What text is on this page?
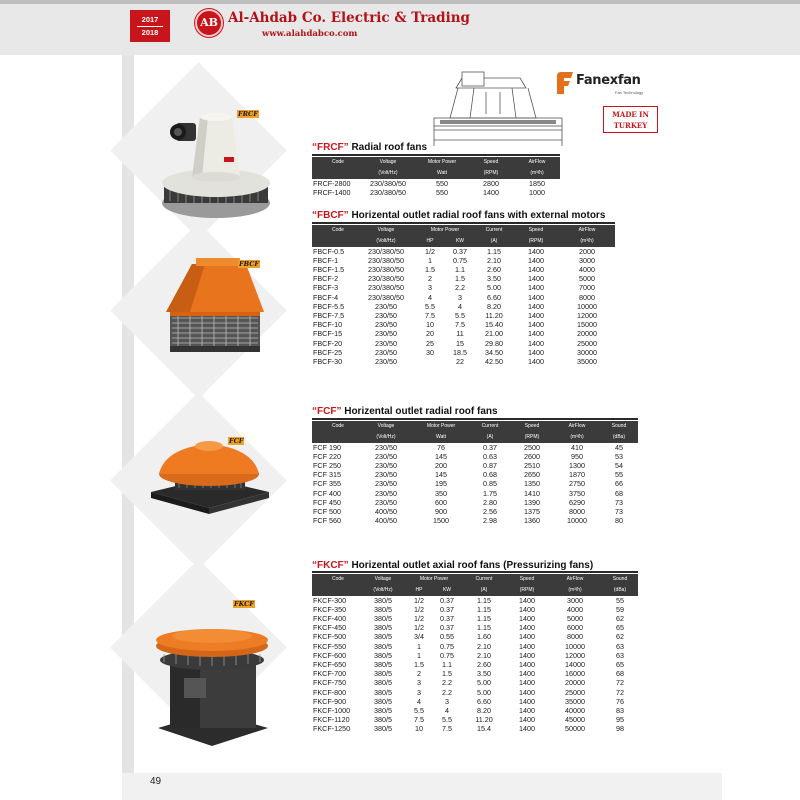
2017
2018
AB Al-Ahdab Co. Electric & Trading
www.alahdabco.com
FRCF
FBCF
FCF
FKCF
49
Fanexfan
Fan Technology
MADE IN
TURKEY
“FRCF” Radial roof fans
Code	Voltage	Motor Power	Speed	AirFlow
	(Volt/Hz)	Watt	(RPM)	(m³/h)
FRCF-2800	230/380/50	550	2800	1850
FRCF-1400	230/380/50	550	1400	1000
“FBCF” Horizental outlet radial roof fans with external motors
Code	Voltage	Motor Power		Current	Speed	AirFlow
	(Volt/Hz)	HP	KW	(A)	(RPM)	(m³/h)
FBCF-0.5	230/380/50	1/2	0.37	1.15	1400	2000
FBCF-1	230/380/50	1	0.75	2.10	1400	3000
FBCF-1.5	230/380/50	1.5	1.1	2.60	1400	4000
FBCF-2	230/380/50	2	1.5	3.50	1400	5000
FBCF-3	230/380/50	3	2.2	5.00	1400	7000
FBCF-4	230/380/50	4	3	6.60	1400	8000
FBCF-5.5	230/50	5.5	4	8.20	1400	10000
FBCF-7.5	230/50	7.5	5.5	11.20	1400	12000
FBCF-10	230/50	10	7.5	15.40	1400	15000
FBCF-15	230/50	20	11	21.00	1400	20000
FBCF-20	230/50	25	15	29.80	1400	25000
FBCF-25	230/50	30	18.5	34.50	1400	30000
FBCF-30	230/50		22	42.50	1400	35000
“FCF” Horizental outlet radial roof fans
Code	Voltage	Motor Power	Current	Speed	AirFlow	Sound
	(Volt/Hz)	Watt	(A)	(RPM)	(m³/h)	(dBa)
FCF 190	230/50	76	0.37	2500	410	45
FCF 220	230/50	145	0.63	2600	950	53
FCF 250	230/50	200	0.87	2510	1300	54
FCF 315	230/50	145	0.68	2650	1870	55
FCF 355	230/50	195	0.85	1350	2750	66
FCF 400	230/50	350	1.75	1410	3750	68
FCF 450	230/50	600	2.80	1390	6290	73
FCF 500	400/50	900	2.56	1375	8000	73
FCF 560	400/50	1500	2.98	1360	10000	80
“FKCF” Horizental outlet axial roof fans (Pressurizing fans)
Code	Voltage	Motor Power		Current	Speed	AirFlow	Sound
	(Volt/Hz)	HP	KW	(A)	(RPM)	(m³/h)	(dBa)
FKCF-300	380/5	1/2	0.37	1.15	1400	3000	55
FKCF-350	380/5	1/2	0.37	1.15	1400	4000	59
FKCF-400	380/5	1/2	0.37	1.15	1400	5000	62
FKCF-450	380/5	1/2	0.37	1.15	1400	6000	65
FKCF-500	380/5	3/4	0.55	1.60	1400	8000	62
FKCF-550	380/5	1	0.75	2.10	1400	10000	63
FKCF-600	380/5	1	0.75	2.10	1400	12000	63
FKCF-650	380/5	1.5	1.1	2.60	1400	14000	65
FKCF-700	380/5	2	1.5	3.50	1400	16000	68
FKCF-750	380/5	3	2.2	5.00	1400	20000	72
FKCF-800	380/5	3	2.2	5.00	1400	25000	72
FKCF-900	380/5	4	3	6.60	1400	35000	76
FKCF-1000	380/5	5.5	4	8.20	1400	40000	83
FKCF-1120	380/5	7.5	5.5	11.20	1400	45000	95
FKCF-1250	380/5	10	7.5	15.4	1400	50000	98
